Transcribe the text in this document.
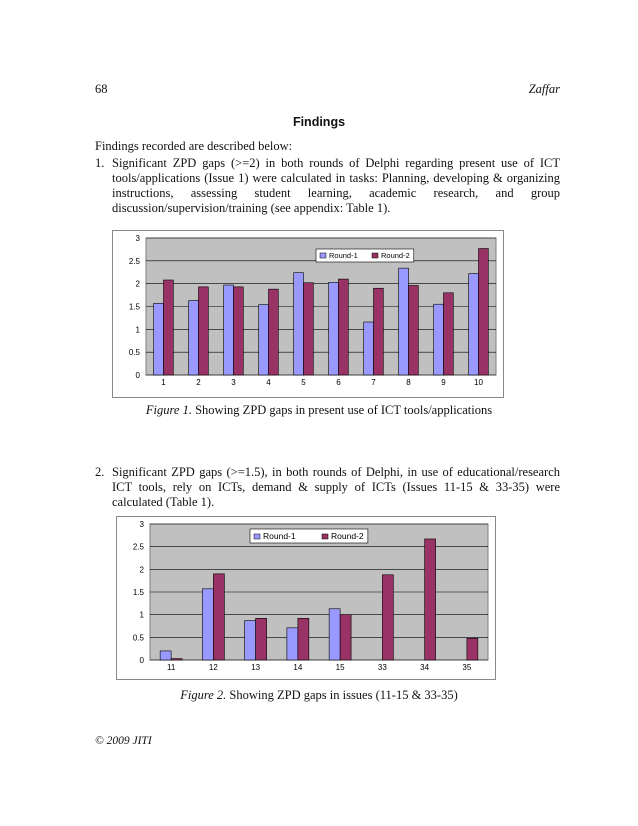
68	Zaffar
Findings
Findings recorded are described below:
1. Significant ZPD gaps (>=2) in both rounds of Delphi regarding present use of ICT tools/applications (Issue 1) were calculated in tasks: Planning, developing & organizing instructions, assessing student learning, academic research, and group discussion/supervision/training (see appendix: Table 1).
0
0.5
1
1.5
2
2.5
3
1	2	3	4	5	6	7	8	9	10
Round-1	Round-2
Figure 1. Showing ZPD gaps in present use of ICT tools/applications
2. Significant ZPD gaps (>=1.5), in both rounds of Delphi, in use of educational/research ICT tools, rely on ICTs, demand & supply of ICTs (Issues 11-15 & 33-35) were calculated (Table 1).
0
0.5
1
1.5
2
2.5
3
11	12	13	14	15	33	34	35
Round-1	Round-2
Figure 2. Showing ZPD gaps in issues (11-15 & 33-35)
© 2009 JITI
